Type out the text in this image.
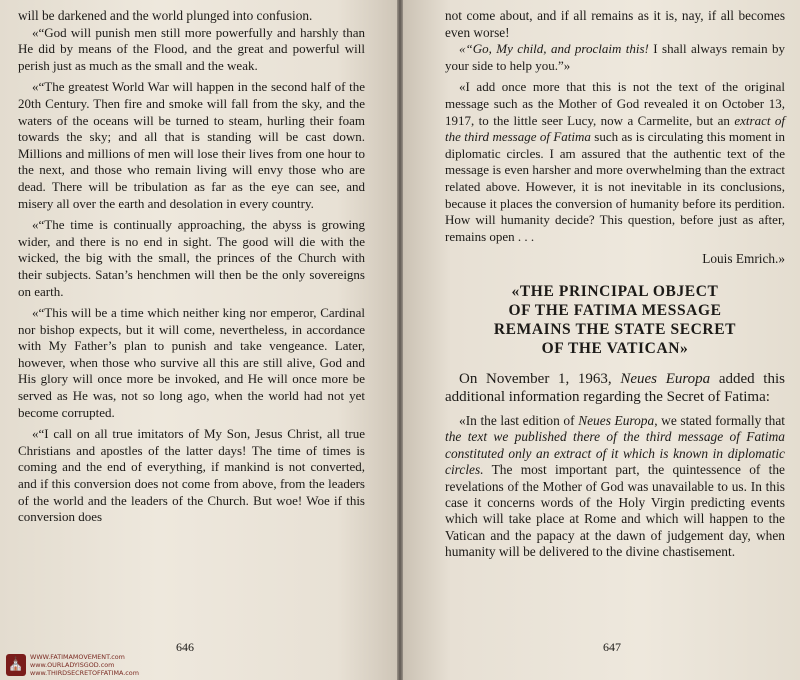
will be darkened and the world plunged into confusion.

«“God will punish men still more powerfully and harshly than He did by means of the Flood, and the great and powerful will perish just as much as the small and the weak.

«“The greatest World War will happen in the second half of the 20th Century. Then fire and smoke will fall from the sky, and the waters of the oceans will be turned to steam, hurling their foam towards the sky; and all that is standing will be cast down. Millions and millions of men will lose their lives from one hour to the next, and those who remain living will envy those who are dead. There will be tribulation as far as the eye can see, and misery all over the earth and desolation in every country.

«“The time is continually approaching, the abyss is growing wider, and there is no end in sight. The good will die with the wicked, the big with the small, the princes of the Church with their subjects. Satan’s henchmen will then be the only sovereigns on earth.

«“This will be a time which neither king nor emperor, Cardinal nor bishop expects, but it will come, nevertheless, in accordance with My Father’s plan to punish and take vengeance. Later, however, when those who survive all this are still alive, God and His glory will once more be invoked, and He will once more be served as He was, not so long ago, when the world had not yet become corrupted.

«“I call on all true imitators of My Son, Jesus Christ, all true Christians and apostles of the latter days! The time of times is coming and the end of everything, if mankind is not converted, and if this conversion does not come from above, from the leaders of the world and the leaders of the Church. But woe! Woe if this conversion does

646
⛪ WWW.FATIMAMOVEMENT.com
www.OURLADYISGOD.com
www.THIRDSECRETOFFATIMA.com

not come about, and if all remains as it is, nay, if all becomes even worse!

«“Go, My child, and proclaim this! I shall always remain by your side to help you.”»

«I add once more that this is not the text of the original message such as the Mother of God revealed it on October 13, 1917, to the little seer Lucy, now a Carmelite, but an extract of the third message of Fatima such as is circulating this moment in diplomatic circles. I am assured that the authentic text of the message is even harsher and more overwhelming than the extract related above. However, it is not inevitable in its conclusions, because it places the conversion of humanity before its perdition. How will humanity decide? This question, before just as after, remains open . . .

Louis Emrich.»

«THE PRINCIPAL OBJECT
OF THE FATIMA MESSAGE
REMAINS THE STATE SECRET
OF THE VATICAN»

On November 1, 1963, Neues Europa added this additional information regarding the Secret of Fatima:

«In the last edition of Neues Europa, we stated formally that the text we published there of the third message of Fatima constituted only an extract of it which is known in diplomatic circles. The most important part, the quintessence of the revelations of the Mother of God was unavailable to us. In this case it concerns words of the Holy Virgin predicting events which will take place at Rome and which will happen to the Vatican and the papacy at the dawn of judgement day, when humanity will be delivered to the divine chastisement.

647
